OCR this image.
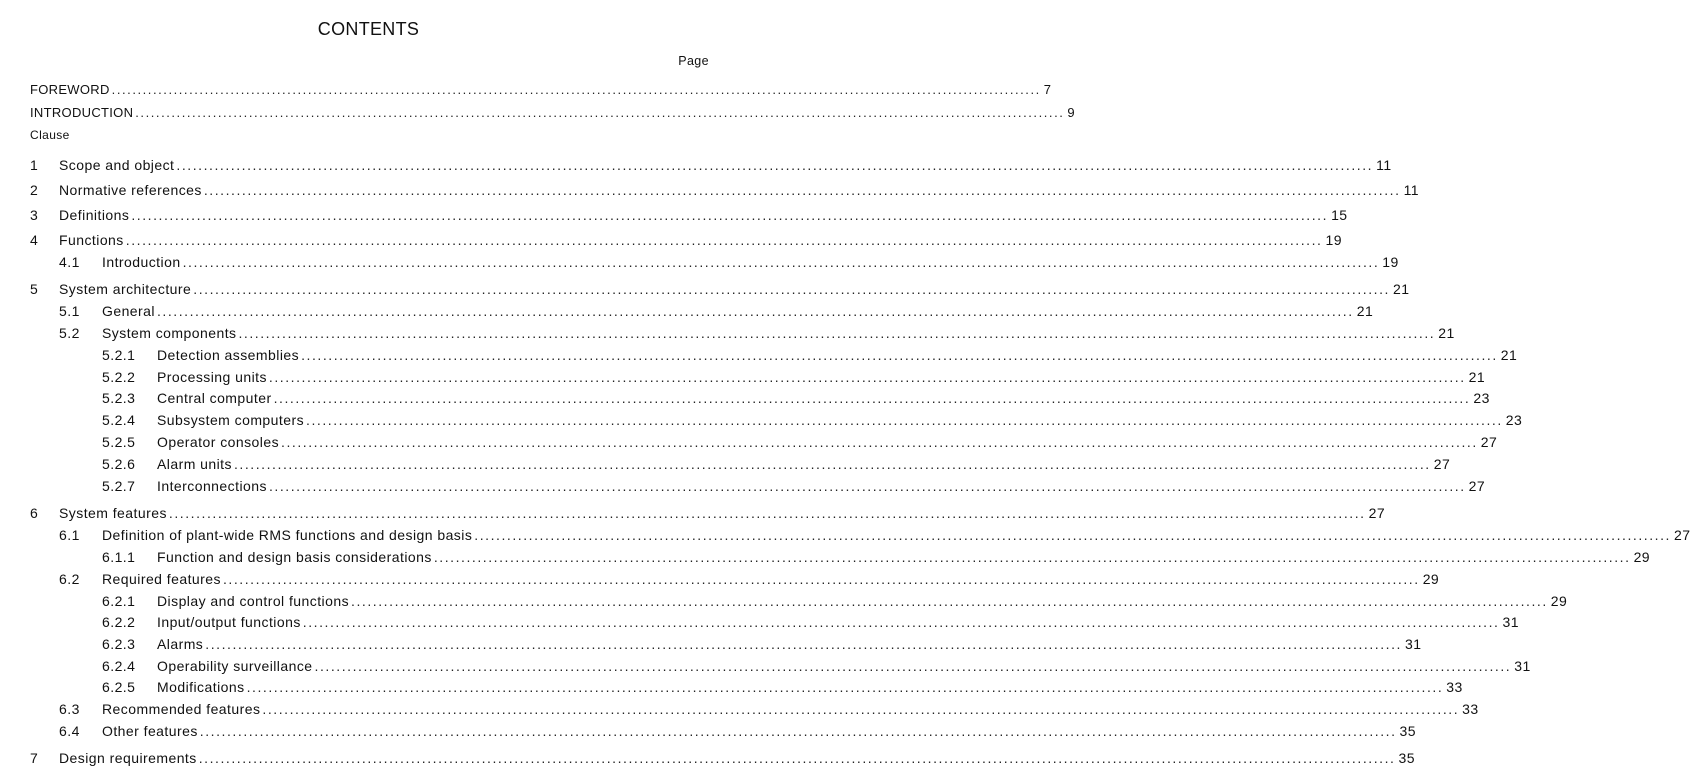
CONTENTS
Page
FOREWORD .................................................................................................................................................................................... 7
INTRODUCTION .................................................................................................................................................................................... 9
Clause
1 Scope and object ............................................................................................................................................................................................................................ 11
2 Normative references ............................................................................................................................................................................................................................ 11
3 Definitions ............................................................................................................................................................................................................................ 15
4 Functions ............................................................................................................................................................................................................................ 19
4.1 Introduction ............................................................................................................................................................................................................................ 19
5 System architecture ............................................................................................................................................................................................................................ 21
5.1 General ............................................................................................................................................................................................................................ 21
5.2 System components ............................................................................................................................................................................................................................ 21
5.2.1 Detection assemblies ............................................................................................................................................................................................................................ 21
5.2.2 Processing units ............................................................................................................................................................................................................................ 21
5.2.3 Central computer ............................................................................................................................................................................................................................ 23
5.2.4 Subsystem computers ............................................................................................................................................................................................................................ 23
5.2.5 Operator consoles ............................................................................................................................................................................................................................ 27
5.2.6 Alarm units ............................................................................................................................................................................................................................ 27
5.2.7 Interconnections ............................................................................................................................................................................................................................ 27
6 System features ............................................................................................................................................................................................................................ 27
6.1 Definition of plant-wide RMS functions and design basis ............................................................................................................................................................................................................................ 27
6.1.1 Function and design basis considerations ............................................................................................................................................................................................................................ 29
6.2 Required features ............................................................................................................................................................................................................................ 29
6.2.1 Display and control functions ............................................................................................................................................................................................................................ 29
6.2.2 Input/output functions ............................................................................................................................................................................................................................ 31
6.2.3 Alarms ............................................................................................................................................................................................................................ 31
6.2.4 Operability surveillance ............................................................................................................................................................................................................................ 31
6.2.5 Modifications ............................................................................................................................................................................................................................ 33
6.3 Recommended features ............................................................................................................................................................................................................................ 33
6.4 Other features ............................................................................................................................................................................................................................ 35
7 Design requirements ............................................................................................................................................................................................................................ 35
